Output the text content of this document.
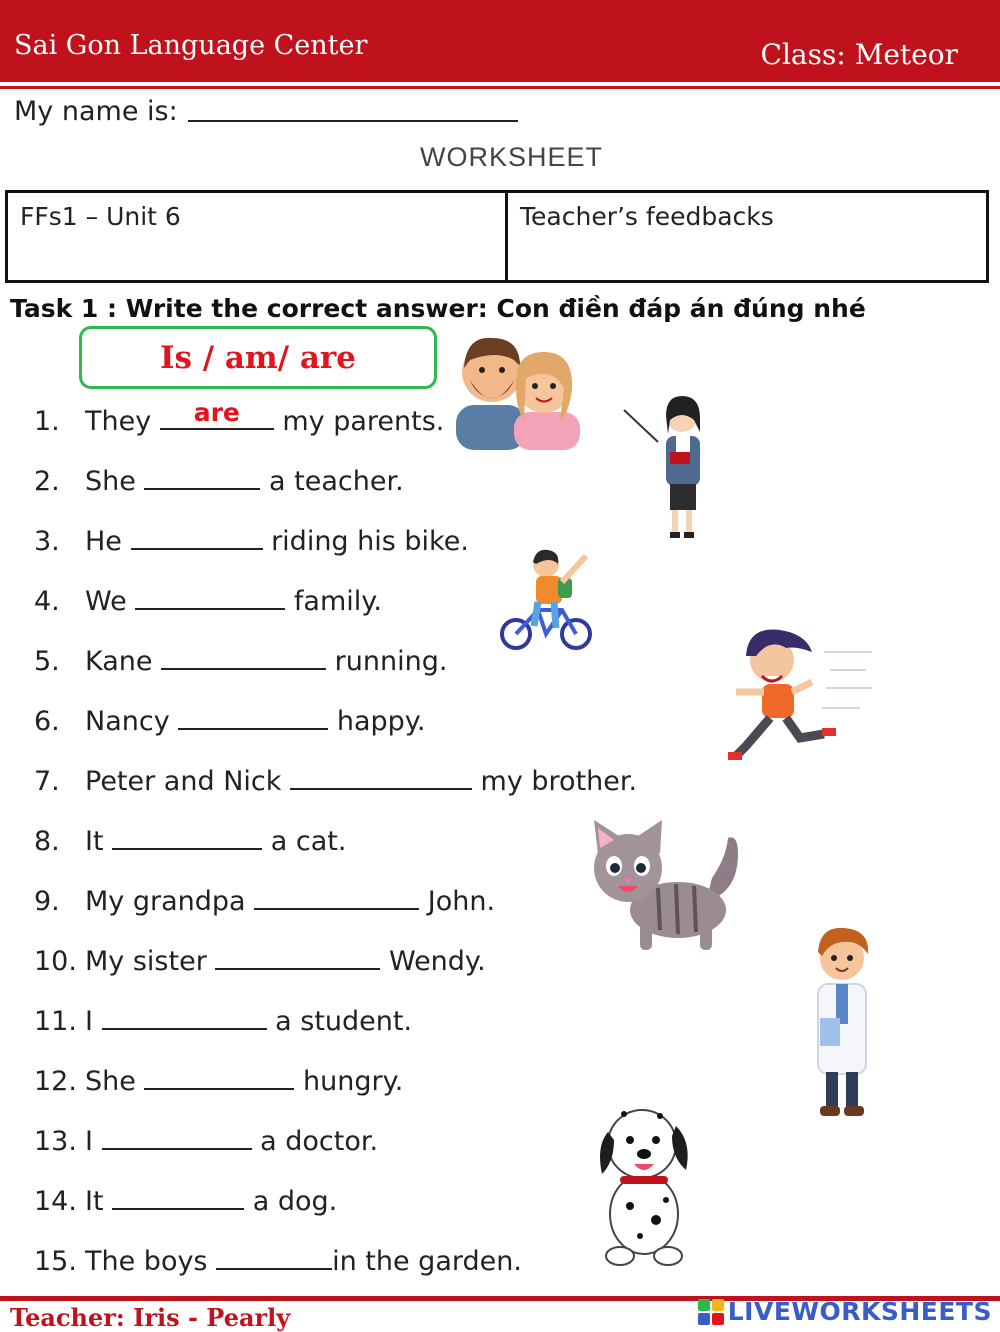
Sai Gon Language Center	Class: Meteor
My name is:
WORKSHEET
FFs1 – Unit 6	Teacher’s feedbacks
Task 1 : Write the correct answer: Con điền đáp án đúng nhé
Is / am/ are
1. They	are	my parents.
2. She	a teacher.
3. He	riding his bike.
4. We	family.
5. Kane	running.
6. Nancy	happy.
7. Peter and Nick	my brother.
8. It	a cat.
9. My grandpa	John.
10. My sister	Wendy.
11. I	a student.
12. She	hungry.
13. I	a doctor.
14. It	a dog.
15. The boys	in the garden.
Teacher: Iris - Pearly	LIVEWORKSHEETS
